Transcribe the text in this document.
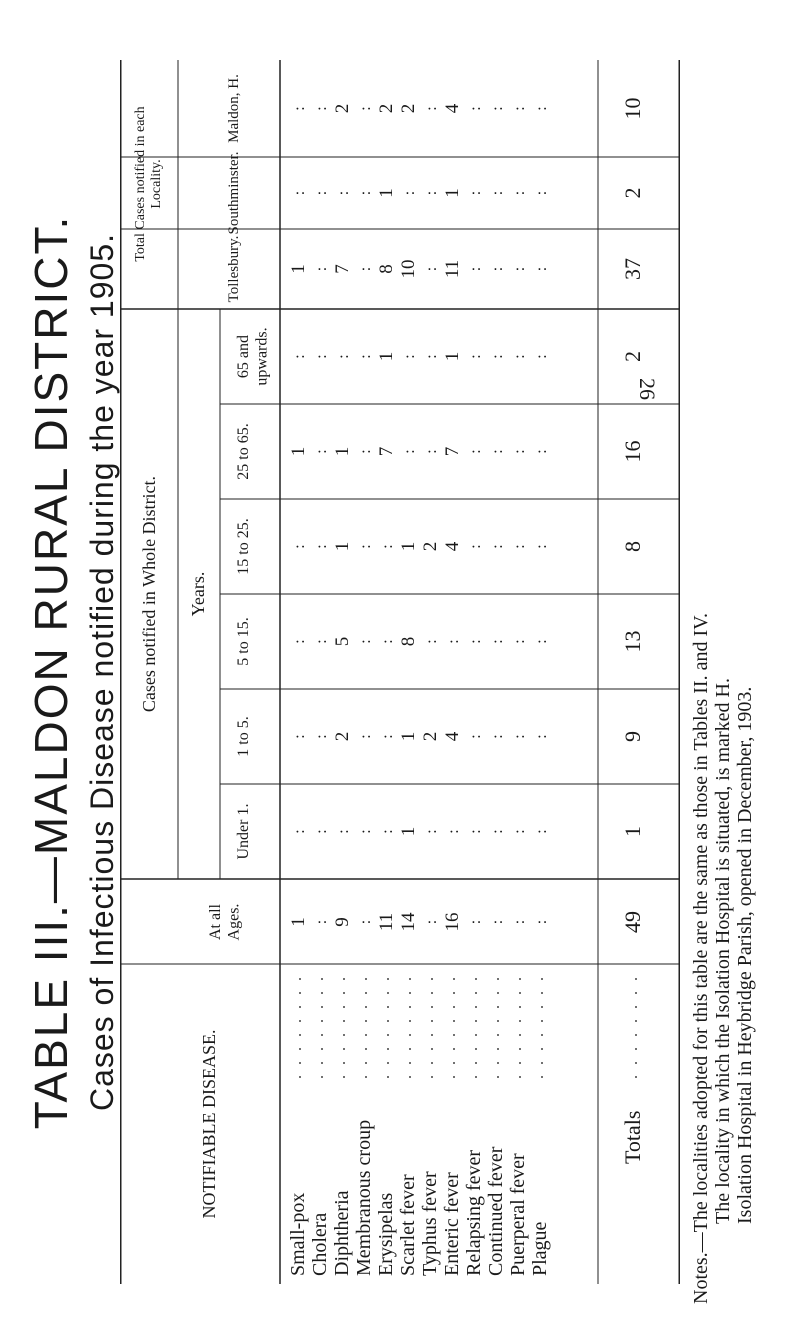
26
TABLE III.—MALDON RURAL DISTRICT. Cases of Infectious Disease notified during the year 1905.
NOTIFIABLE DISEASE.
Cases notified in Whole District.
At allAges.
Years.
Under 1.
1 to 5.
5 to 15.
15 to 25.
25 to 65.
65 andupwards.
Total Cases notified in eachLocality.
Tollesbury.
Southminster.
Maldon, H.
Small-pox
1
:
:
:
:
1
:
1
:
:
Cholera
:
:
:
:
:
:
:
:
:
:
Diphtheria
9
:
2
5
1
1
:
7
:
2
Membranous croup
:
:
:
:
:
:
:
:
:
:
Erysipelas
11
:
:
:
:
7
1
8
1
2
Scarlet fever
14
1
1
8
1
:
:
10
:
2
Typhus fever
:
:
2
:
2
:
:
:
:
:
Enteric fever
16
:
4
:
4
7
1
11
1
4
Relapsing fever
:
:
:
:
:
:
:
:
:
:
Continued fever
:
:
:
:
:
:
:
:
:
:
Puerperal fever
:
:
:
:
:
:
:
:
:
:
Plague
:
:
:
:
:
:
:
:
:
:
Totals
49
1
9
13
8
16
2
37
2
10
Notes.—The localities adopted for this table are the same as those in Tables II. and IV. The locality in which the Isolation Hospital is situated, is marked H. Isolation Hospital in Heybridge Parish, opened in December, 1903.
